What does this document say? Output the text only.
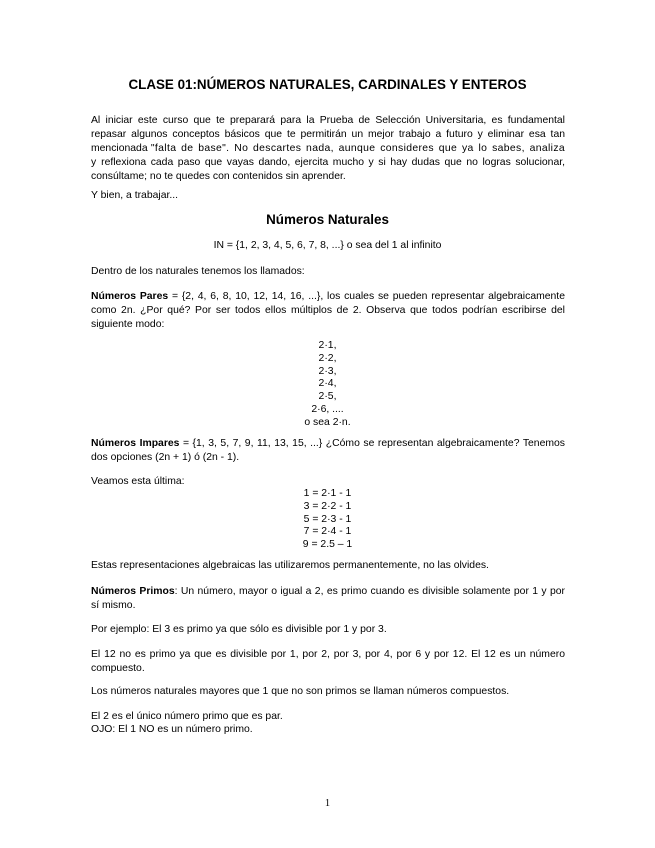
CLASE 01:NÚMEROS NATURALES, CARDINALES Y ENTEROS
Al iniciar este curso que te preparará para la Prueba de Selección Universitaria, es fundamental repasar algunos conceptos básicos que te permitirán un mejor trabajo a futuro y eliminar esa tan mencionada "falta de base". No descartes nada, aunque consideres que ya lo sabes, analiza y reflexiona cada paso que vayas dando, ejercita mucho y si hay dudas que no logras solucionar, consúltame; no te quedes con contenidos sin aprender.

Y bien, a trabajar...

Números Naturales

IN = {1, 2, 3, 4, 5, 6, 7, 8, ...} o sea del 1 al infinito

Dentro de los naturales tenemos los llamados:

Números Pares = {2, 4, 6, 8, 10, 12, 14, 16, ...}, los cuales se pueden representar algebraicamente como 2n. ¿Por qué? Por ser todos ellos múltiplos de 2. Observa que todos podrían escribirse del siguiente modo:
2·1,
2·2,
2·3,
2·4,
2·5,
2·6, ....
o sea 2·n.
Números Impares = {1, 3, 5, 7, 9, 11, 13, 15, ...} ¿Cómo se representan algebraicamente? Tenemos dos opciones (2n + 1) ó (2n - 1).

Veamos esta última:

1 = 2·1 - 1
3 = 2·2 - 1
5 = 2·3 - 1
7 = 2·4 - 1
9 = 2.5 – 1

Estas representaciones algebraicas las utilizaremos permanentemente, no las olvides.

Números Primos: Un número, mayor o igual a 2, es primo cuando es divisible solamente por 1 y por sí mismo.

Por ejemplo: El 3 es primo ya que sólo es divisible por 1 y por 3.

El 12 no es primo ya que es divisible por 1, por 2, por 3, por 4, por 6 y por 12. El 12 es un número compuesto.

Los números naturales mayores que 1 que no son primos se llaman números compuestos.

El 2 es el único número primo que es par.

OJO: El 1 NO es un número primo.

1
